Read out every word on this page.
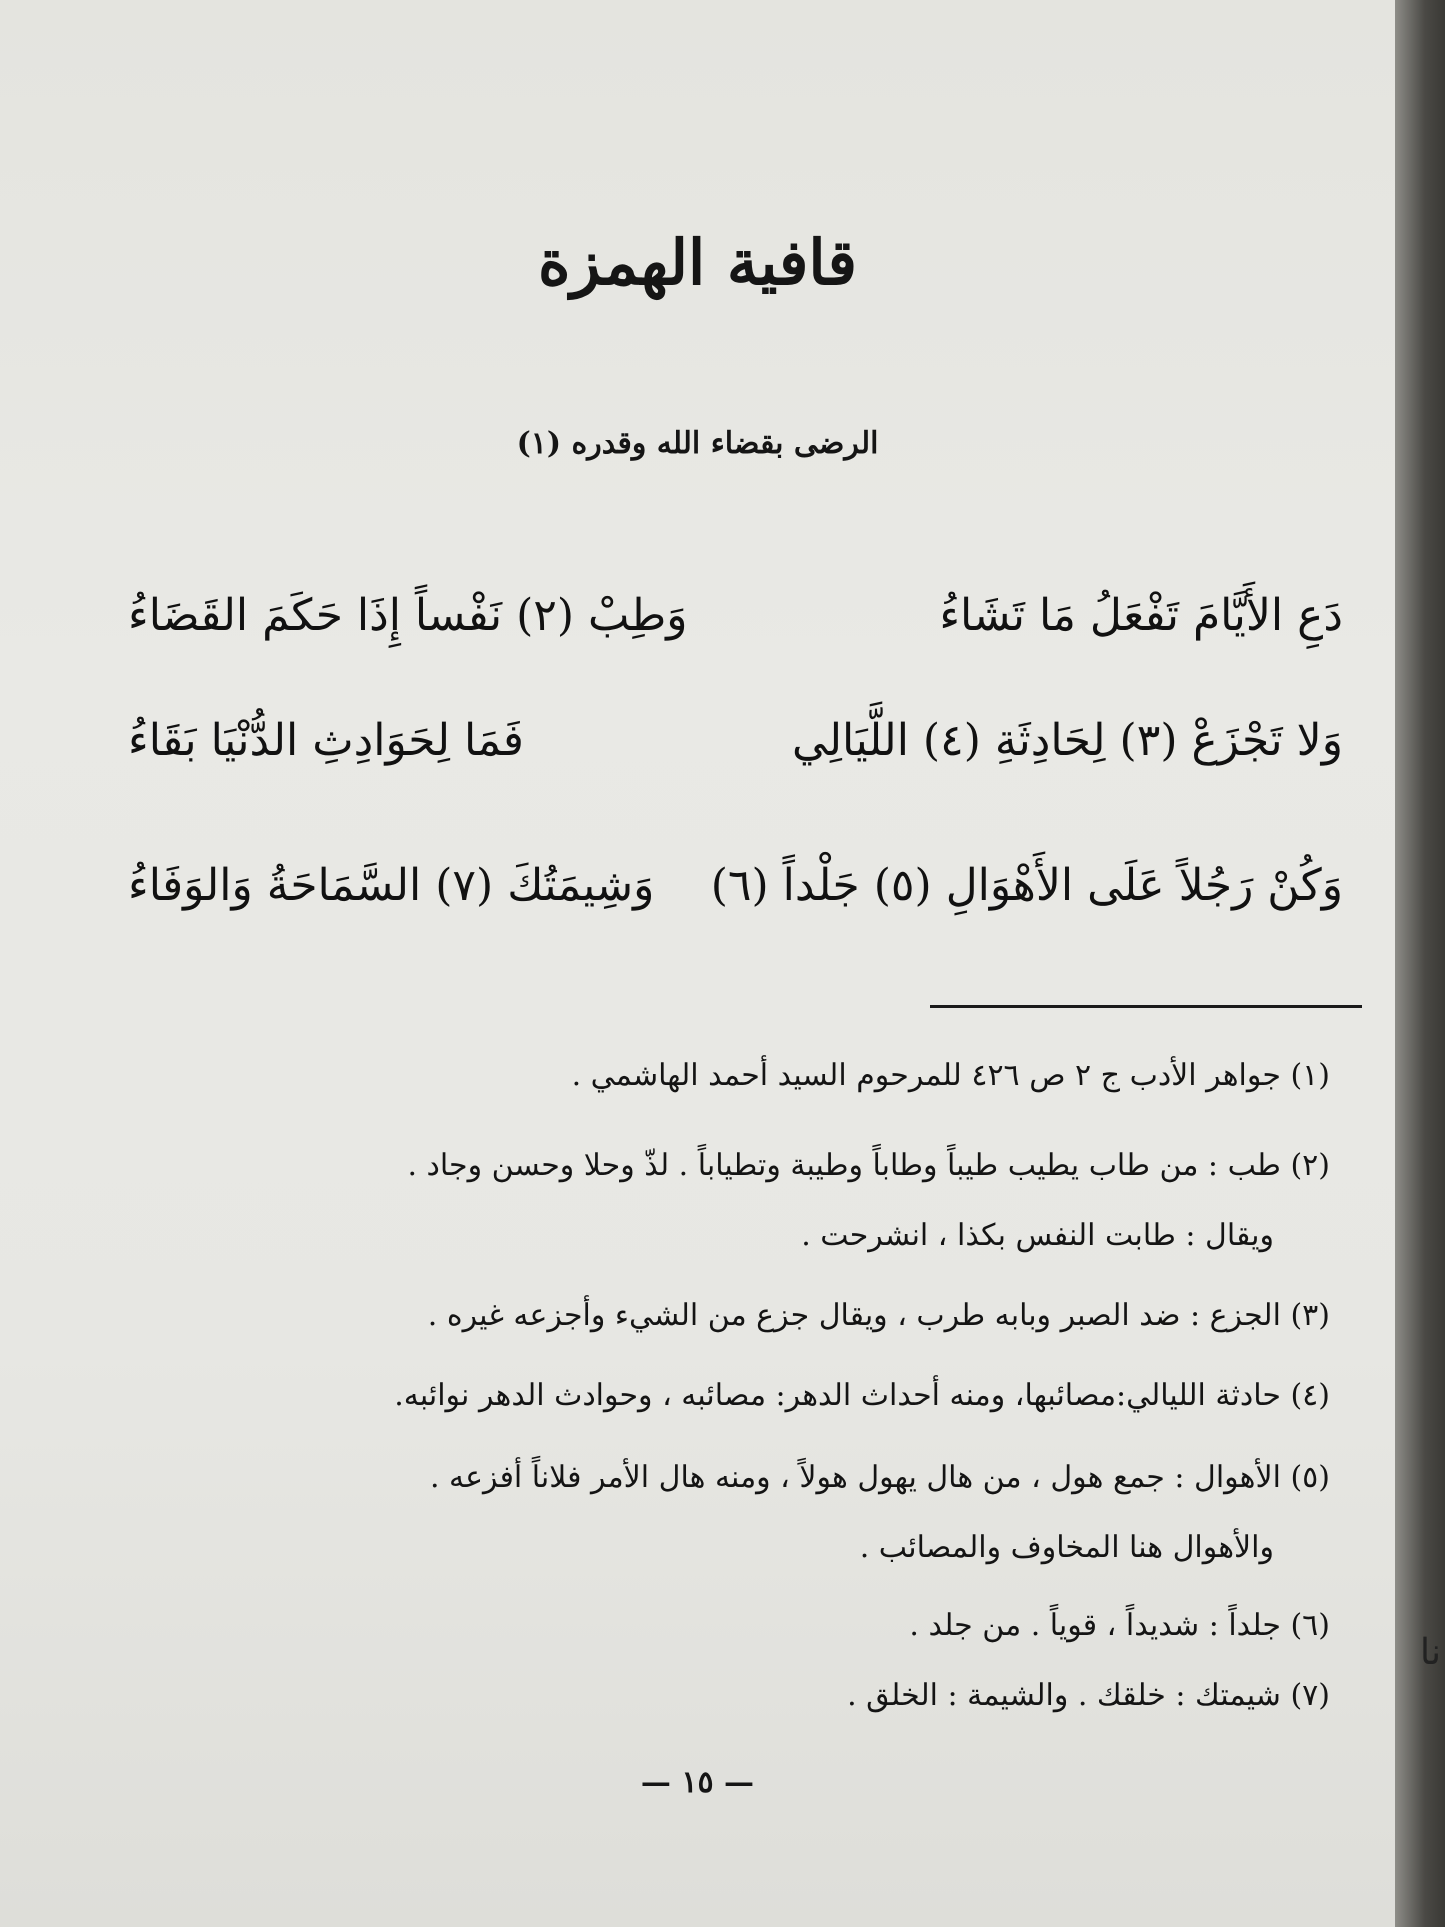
قافية الهمزة
الرضى بقضاء الله وقدره (١)
دَعِ الأَيَّامَ تَفْعَلُ مَا تَشَاءُ
وَطِبْ (٢) نَفْساً إِذَا حَكَمَ القَضَاءُ
وَلا تَجْزَعْ (٣) لِحَادِثَةِ (٤) اللَّيَالِي
فَمَا لِحَوَادِثِ الدُّنْيَا بَقَاءُ
وَكُنْ رَجُلاً عَلَى الأَهْوَالِ (٥) جَلْداً (٦)
وَشِيمَتُكَ (٧) السَّمَاحَةُ وَالوَفَاءُ
(١) جواهر الأدب ج ٢ ص ٤٢٦ للمرحوم السيد أحمد الهاشمي .
(٢) طب : من طاب يطيب طيباً وطاباً وطيبة وتطياباً . لذّ وحلا وحسن وجاد .
ويقال : طابت النفس بكذا ، انشرحت .
(٣) الجزع : ضد الصبر وبابه طرب ، ويقال جزع من الشيء وأجزعه غيره .
(٤) حادثة الليالي:مصائبها، ومنه أحداث الدهر: مصائبه ، وحوادث الدهر نوائبه.
(٥) الأهوال : جمع هول ، من هال يهول هولاً ، ومنه هال الأمر فلاناً أفزعه .
والأهوال هنا المخاوف والمصائب .
(٦) جلداً : شديداً ، قوياً . من جلد .
(٧) شيمتك : خلقك . والشيمة : الخلق .
— ١٥ —
نا
